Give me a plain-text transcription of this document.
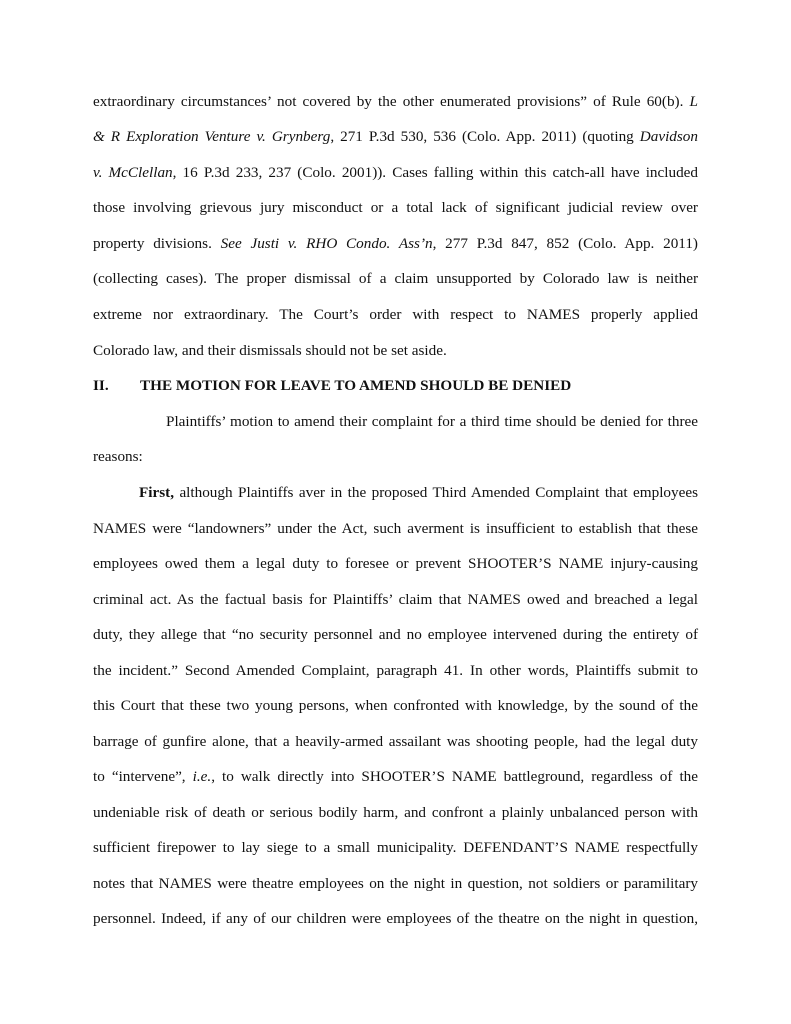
extraordinary circumstances’ not covered by the other enumerated provisions” of Rule 60(b). L
& R Exploration Venture v. Grynberg, 271 P.3d 530, 536 (Colo. App. 2011) (quoting Davidson
v. McClellan, 16 P.3d 233, 237 (Colo. 2001)). Cases falling within this catch-all have included
those involving grievous jury misconduct or a total lack of significant judicial review over
property divisions. See Justi v. RHO Condo. Ass’n, 277 P.3d 847, 852 (Colo. App. 2011)
(collecting cases). The proper dismissal of a claim unsupported by Colorado law is neither
extreme nor extraordinary. The Court’s order with respect to NAMES properly applied
Colorado law, and their dismissals should not be set aside.
II. THE MOTION FOR LEAVE TO AMEND SHOULD BE DENIED
Plaintiffs’ motion to amend their complaint for a third time should be denied for three
reasons:
First, although Plaintiffs aver in the proposed Third Amended Complaint that employees
NAMES were “landowners” under the Act, such averment is insufficient to establish that these
employees owed them a legal duty to foresee or prevent SHOOTER’S NAME injury-causing
criminal act. As the factual basis for Plaintiffs’ claim that NAMES owed and breached a legal
duty, they allege that “no security personnel and no employee intervened during the entirety of
the incident.” Second Amended Complaint, paragraph 41. In other words, Plaintiffs submit to
this Court that these two young persons, when confronted with knowledge, by the sound of the
barrage of gunfire alone, that a heavily-armed assailant was shooting people, had the legal duty
to “intervene”, i.e., to walk directly into SHOOTER’S NAME battleground, regardless of the
undeniable risk of death or serious bodily harm, and confront a plainly unbalanced person with
sufficient firepower to lay siege to a small municipality. DEFENDANT’S NAME respectfully
notes that NAMES were theatre employees on the night in question, not soldiers or paramilitary
personnel. Indeed, if any of our children were employees of the theatre on the night in question,
